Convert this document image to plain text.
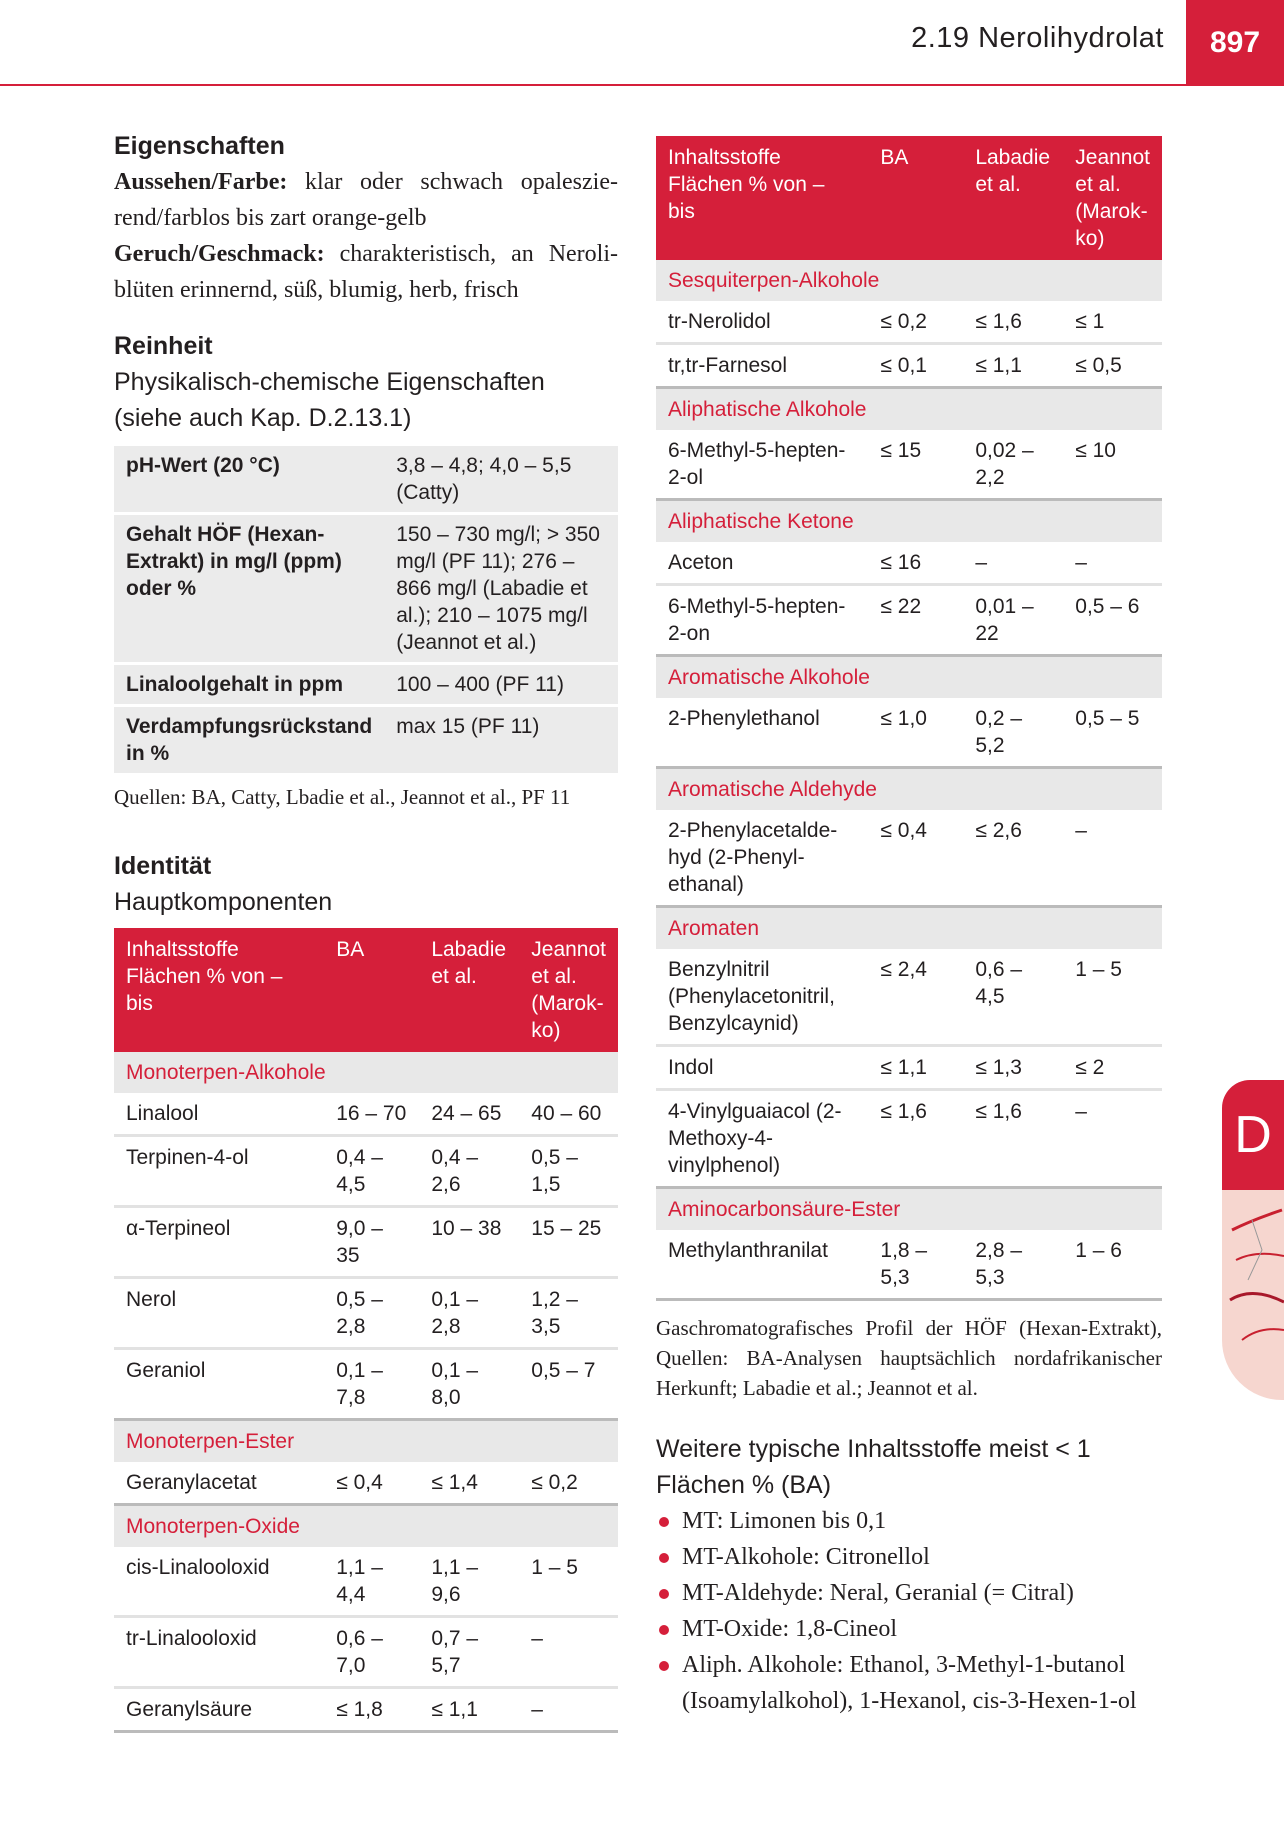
2.19 Nerolihydrolat	897
D
Eigenschaften

Aussehen/Farbe: klar oder schwach opaleszierend/farblos bis zart orange-gelb

Geruch/Geschmack: charakteristisch, an Neroliblüten erinnernd, süß, blumig, herb, frisch

Reinheit

Physikalisch-chemische Eigenschaften (siehe auch Kap. D.2.13.1)

pH-Wert (20 °C)	3,8 – 4,8; 4,0 – 5,5 (Catty)
Gehalt HÖF (Hexan-Extrakt) in mg/l (ppm) oder %	150 – 730 mg/l; > 350 mg/l (PF 11); 276 – 866 mg/l (Labadie et al.); 210 – 1075 mg/l (Jeannot et al.)
Linaloolgehalt in ppm	100 – 400 (PF 11)
Verdampfungsrückstand in %	max 15 (PF 11)

Quellen: BA, Catty, Lbadie et al., Jeannot et al., PF 11

Identität

Hauptkomponenten

Inhaltsstoffe Flächen % von – bis	BA	Labadie et al.	Jeannot et al. (Marokko)
Monoterpen-Alkohole			
Linalool	16 – 70	24 – 65	40 – 60
Terpinen-4-ol	0,4 – 4,5	0,4 – 2,6	0,5 – 1,5
α-Terpineol	9,0 – 35	10 – 38	15 – 25
Nerol	0,5 – 2,8	0,1 – 2,8	1,2 – 3,5
Geraniol	0,1 – 7,8	0,1 – 8,0	0,5 – 7
Monoterpen-Ester			
Geranylacetat	≤ 0,4	≤ 1,4	≤ 0,2
Monoterpen-Oxide			
cis-Linalooloxid	1,1 – 4,4	1,1 – 9,6	1 – 5
tr-Linalooloxid	0,6 – 7,0	0,7 – 5,7	–
Geranylsäure	≤ 1,8	≤ 1,1	–
Inhaltsstoffe Flächen % von – bis	BA	Labadie et al.	Jeannot et al. (Marokko)
Sesquiterpen-Alkohole			
tr-Nerolidol	≤ 0,2	≤ 1,6	≤ 1
tr,tr-Farnesol	≤ 0,1	≤ 1,1	≤ 0,5
Aliphatische Alkohole			
6-Methyl-5-hepten-2-ol	≤ 15	0,02 – 2,2	≤ 10
Aliphatische Ketone			
Aceton	≤ 16	–	–
6-Methyl-5-hepten-2-on	≤ 22	0,01 – 22	0,5 – 6
Aromatische Alkohole			
2-Phenylethanol	≤ 1,0	0,2 – 5,2	0,5 – 5
Aromatische Aldehyde			
2-Phenylacetaldehyd (2-Phenylethanal)	≤ 0,4	≤ 2,6	–
Aromaten			
Benzylnitril (Phenylacetonitril, Benzylcaynid)	≤ 2,4	0,6 – 4,5	1 – 5
Indol	≤ 1,1	≤ 1,3	≤ 2
4-Vinylguaiacol (2-Methoxy-4-vinylphenol)	≤ 1,6	≤ 1,6	–
Aminocarbonsäure-Ester			
Methylanthranilat	1,8 – 5,3	2,8 – 5,3	1 – 6

Gaschromatografisches Profil der HÖF (Hexan-Extrakt), Quellen: BA-Analysen hauptsächlich nordafrikanischer Herkunft; Labadie et al.; Jeannot et al.

Weitere typische Inhaltsstoffe meist < 1 Flächen % (BA)

MT: Limonen bis 0,1
MT-Alkohole: Citronellol
MT-Aldehyde: Neral, Geranial (= Citral)
MT-Oxide: 1,8-Cineol
Aliph. Alkohole: Ethanol, 3-Methyl-1-butanol (Isoamylalkohol), 1-Hexanol, cis-3-Hexen-1-ol
